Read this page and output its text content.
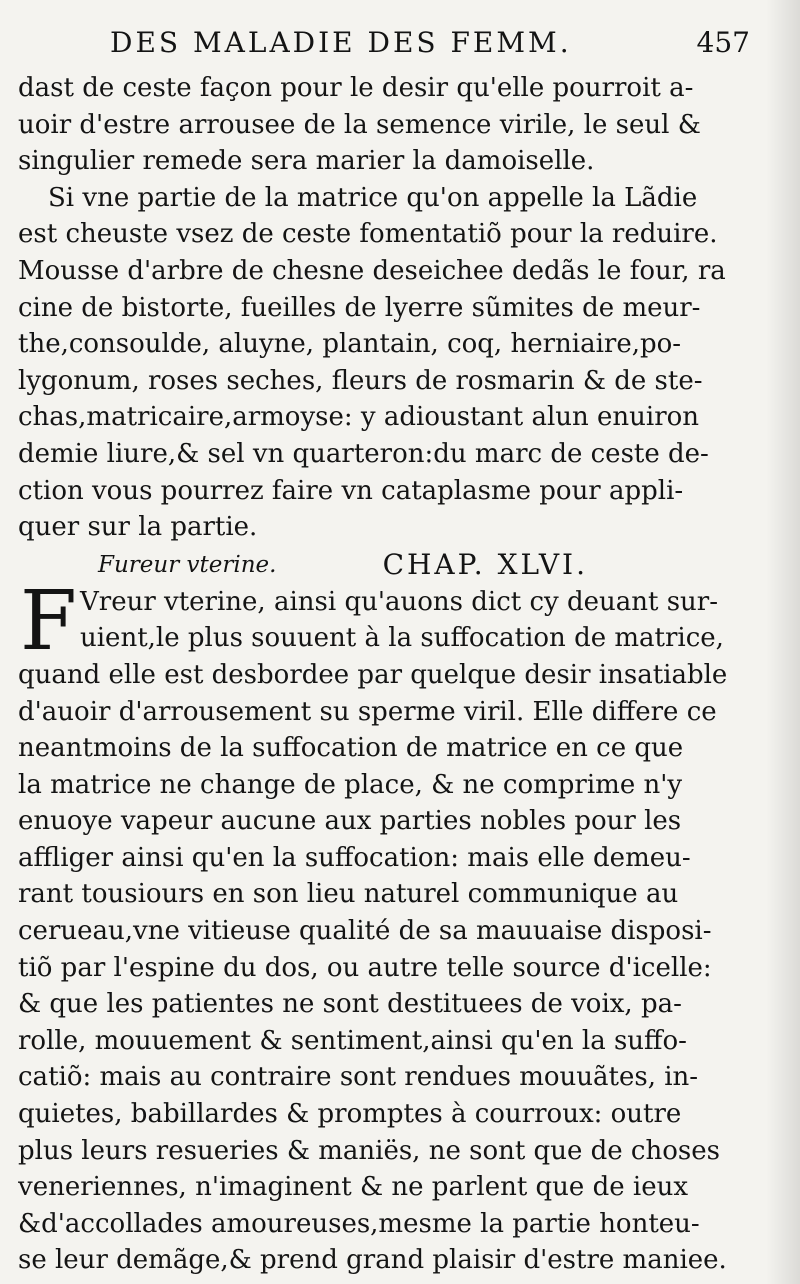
DES MALADIE DES FEMM.	457
dast de ceste façon pour le desir qu'elle pourroit a-
uoir d'estre arrousee de la semence virile, le seul &
singulier remede sera marier la damoiselle.
Si vne partie de la matrice qu'on appelle la Lãdie
est cheuste vsez de ceste fomentatiõ pour la reduire.
Mousse d'arbre de chesne deseichee dedãs le four, ra
cine de bistorte, fueilles de lyerre sũmites de meur-
the,consoulde, aluyne, plantain, coq, herniaire,po-
lygonum, roses seches, fleurs de rosmarin & de ste-
chas,matricaire,armoyse: y adioustant alun enuiron
demie liure,& sel vn quarteron:du marc de ceste de-
ction vous pourrez faire vn cataplasme pour appli-
quer sur la partie.
Fureur vterine.	CHAP. XLVI.
F Vreur vterine, ainsi qu'auons dict cy deuant sur-
uient,le plus souuent à la suffocation de matrice,
quand elle est desbordee par quelque desir insatiable
d'auoir d'arrousement su sperme viril. Elle differe ce
neantmoins de la suffocation de matrice en ce que
la matrice ne change de place, & ne comprime n'y
enuoye vapeur aucune aux parties nobles pour les
affliger ainsi qu'en la suffocation: mais elle demeu-
rant tousiours en son lieu naturel communique au
cerueau,vne vitieuse qualité de sa mauuaise disposi-
tiõ par l'espine du dos, ou autre telle source d'icelle:
& que les patientes ne sont destituees de voix, pa-
rolle, mouuement & sentiment,ainsi qu'en la suffo-
catiõ: mais au contraire sont rendues mouuãtes, in-
quietes, babillardes & promptes à courroux: outre
plus leurs resueries & maniës, ne sont que de choses
veneriennes, n'imaginent & ne parlent que de ieux
&d'accollades amoureuses,mesme la partie honteu-
se leur demãge,& prend grand plaisir d'estre maniee.
